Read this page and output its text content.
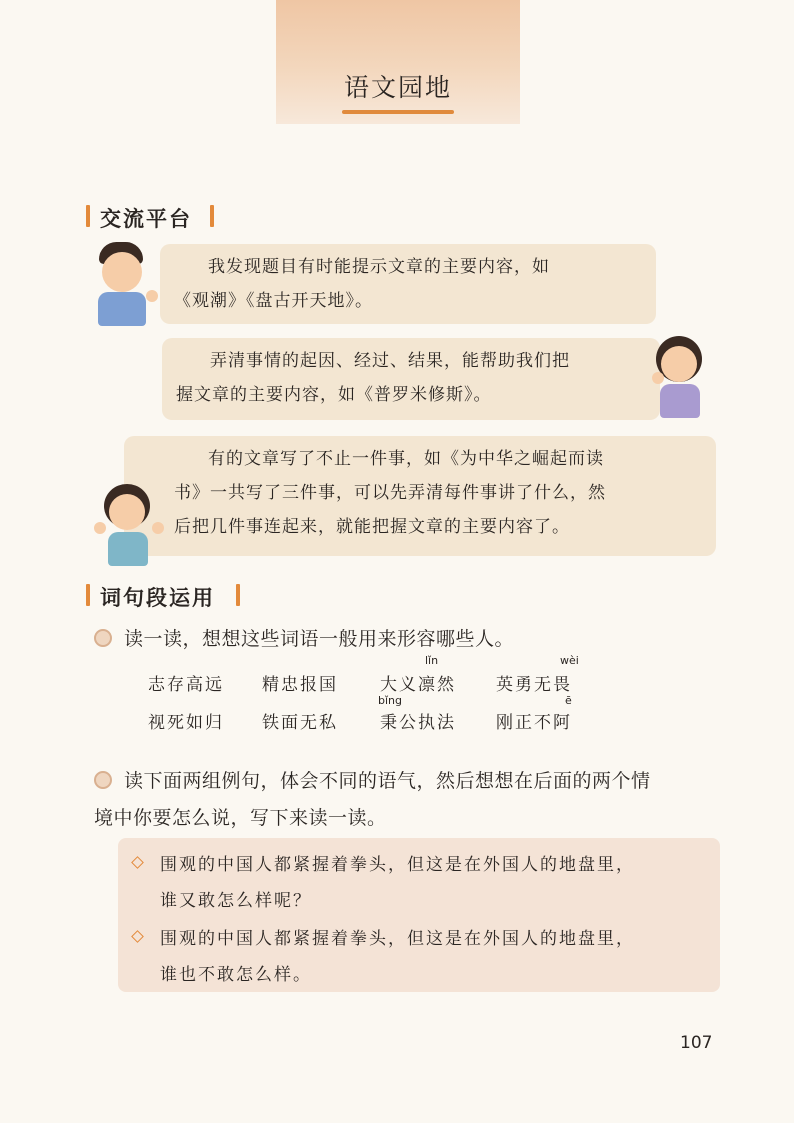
语文园地
交流平台
我发现题目有时能提示文章的主要内容，如
《观潮》《盘古开天地》。
弄清事情的起因、经过、结果，能帮助我们把
握文章的主要内容，如《普罗米修斯》。
有的文章写了不止一件事，如《为中华之崛起而读
书》一共写了三件事，可以先弄清每件事讲了什么，然
后把几件事连起来，就能把握文章的主要内容了。
词句段运用
读一读，想想这些词语一般用来形容哪些人。
lǐn	wèi
志存高远 精忠报国 大义凛然 英勇无畏
bǐng	ē
视死如归 铁面无私 秉公执法 刚正不阿
读下面两组例句，体会不同的语气，然后想想在后面的两个情
境中你要怎么说，写下来读一读。
围观的中国人都紧握着拳头，但这是在外国人的地盘里，
谁又敢怎么样呢？
围观的中国人都紧握着拳头，但这是在外国人的地盘里，
谁也不敢怎么样。
107
